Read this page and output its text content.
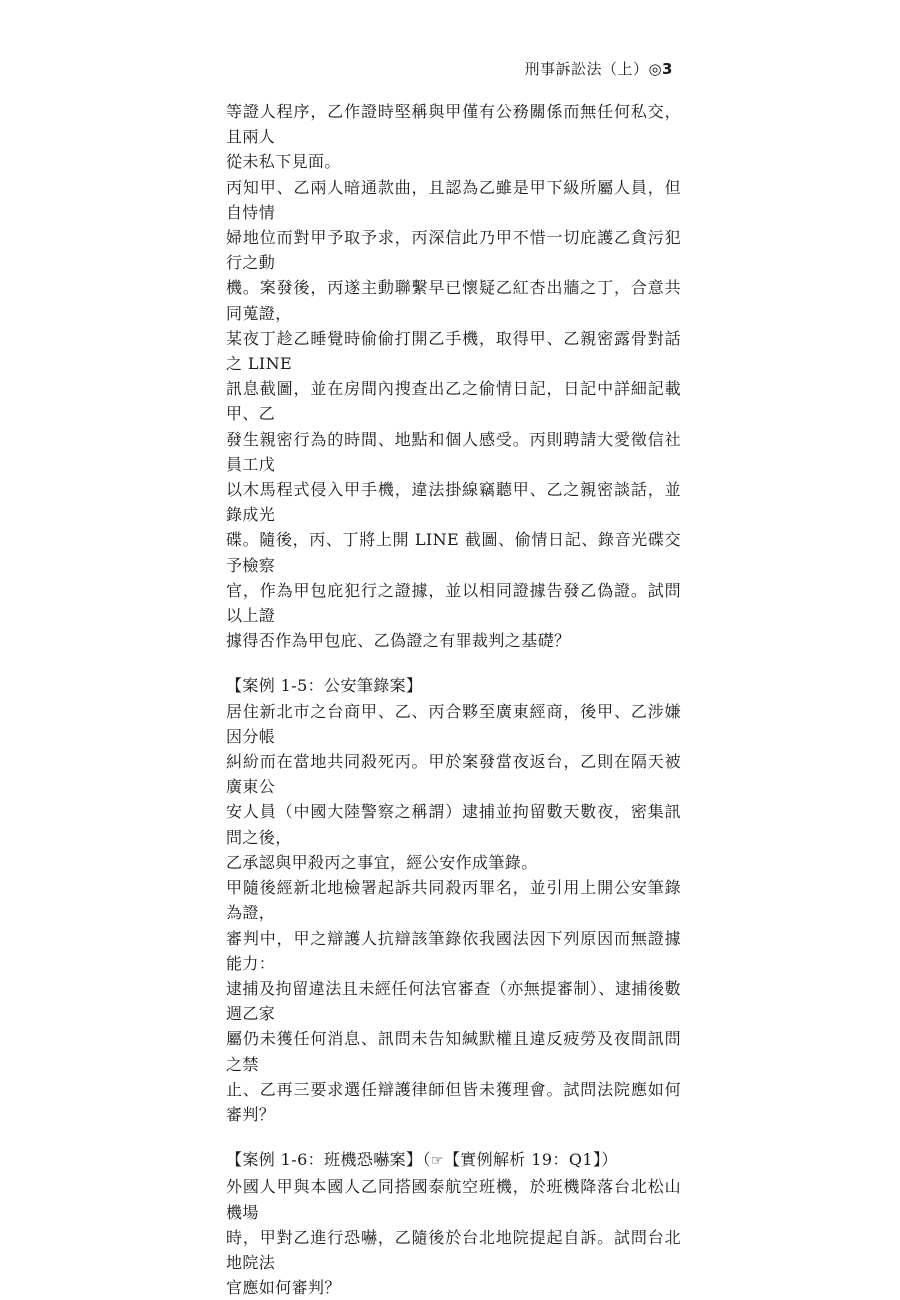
刑事訴訟法（上）◎3
等證人程序，乙作證時堅稱與甲僅有公務關係而無任何私交，且兩人
從未私下見面。
丙知甲、乙兩人暗通款曲，且認為乙雖是甲下級所屬人員，但自恃情
婦地位而對甲予取予求，丙深信此乃甲不惜一切庇護乙貪污犯行之動
機。案發後，丙遂主動聯繫早已懷疑乙紅杏出牆之丁，合意共同蒐證，
某夜丁趁乙睡覺時偷偷打開乙手機，取得甲、乙親密露骨對話之 LINE
訊息截圖，並在房間內搜查出乙之偷情日記，日記中詳細記載甲、乙
發生親密行為的時間、地點和個人感受。丙則聘請大愛徵信社員工戊
以木馬程式侵入甲手機，違法掛線竊聽甲、乙之親密談話，並錄成光
碟。隨後，丙、丁將上開 LINE 截圖、偷情日記、錄音光碟交予檢察
官，作為甲包庇犯行之證據，並以相同證據告發乙偽證。試問以上證
據得否作為甲包庇、乙偽證之有罪裁判之基礎？
【案例 1-5：公安筆錄案】
居住新北市之台商甲、乙、丙合夥至廣東經商，後甲、乙涉嫌因分帳
糾紛而在當地共同殺死丙。甲於案發當夜返台，乙則在隔天被廣東公
安人員（中國大陸警察之稱謂）逮捕並拘留數天數夜，密集訊問之後，
乙承認與甲殺丙之事宜，經公安作成筆錄。
甲隨後經新北地檢署起訴共同殺丙罪名，並引用上開公安筆錄為證，
審判中，甲之辯護人抗辯該筆錄依我國法因下列原因而無證據能力：
逮捕及拘留違法且未經任何法官審查（亦無提審制）、逮捕後數週乙家
屬仍未獲任何消息、訊問未告知緘默權且違反疲勞及夜間訊問之禁
止、乙再三要求選任辯護律師但皆未獲理會。試問法院應如何審判？
【案例 1-6：班機恐嚇案】（☞【實例解析 19：Q1】）
外國人甲與本國人乙同搭國泰航空班機，於班機降落台北松山機場
時，甲對乙進行恐嚇，乙隨後於台北地院提起自訴。試問台北地院法
官應如何審判？
